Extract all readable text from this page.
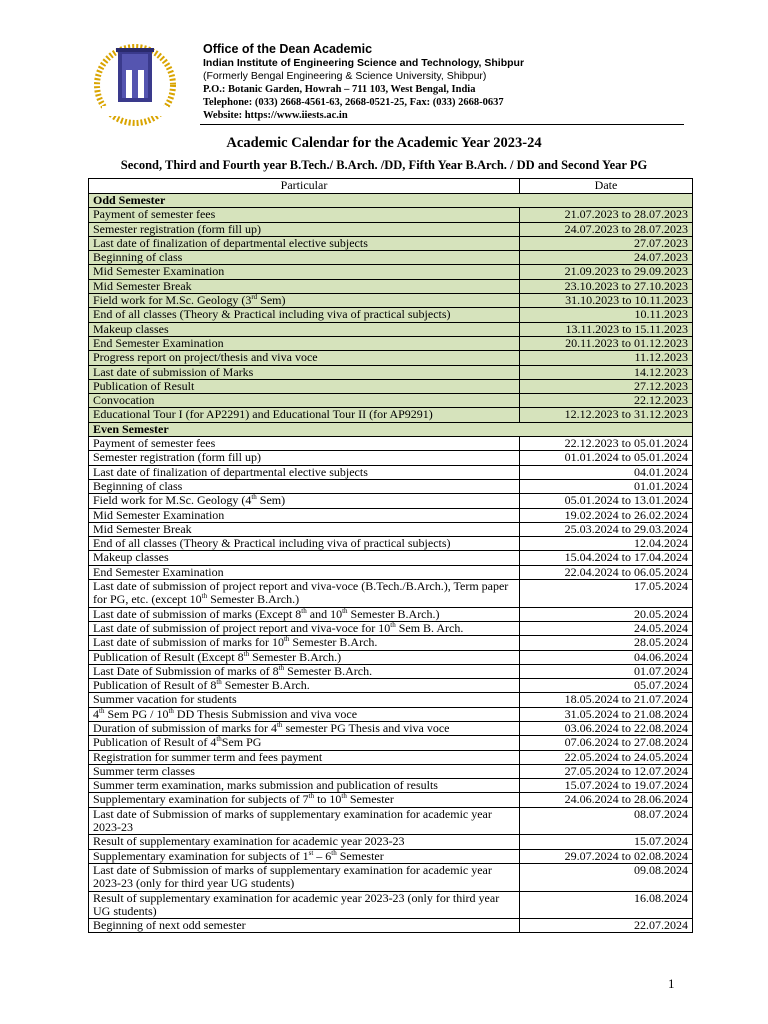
Office of the Dean Academic
Indian Institute of Engineering Science and Technology, Shibpur
(Formerly Bengal Engineering & Science University, Shibpur)
P.O.: Botanic Garden, Howrah – 711 103, West Bengal, India
Telephone: (033) 2668-4561-63, 2668-0521-25, Fax: (033) 2668-0637
Website: https://www.iiests.ac.in
Academic Calendar for the Academic Year 2023-24
Second, Third and Fourth year B.Tech./ B.Arch. /DD, Fifth Year B.Arch. / DD and Second Year PG
Particular	Date
Odd Semester	
Payment of semester fees	21.07.2023 to 28.07.2023
Semester registration (form fill up)	24.07.2023 to 28.07.2023
Last date of finalization of departmental elective subjects	27.07.2023
Beginning of class	24.07.2023
Mid Semester Examination	21.09.2023 to 29.09.2023
Mid Semester Break	23.10.2023 to 27.10.2023
Field work for M.Sc. Geology (3rd Sem)	31.10.2023 to 10.11.2023
End of all classes (Theory & Practical including viva of practical subjects)	10.11.2023
Makeup classes	13.11.2023 to 15.11.2023
End Semester Examination	20.11.2023 to 01.12.2023
Progress report on project/thesis and viva voce	11.12.2023
Last date of submission of Marks	14.12.2023
Publication of Result	27.12.2023
Convocation	22.12.2023
Educational Tour I (for AP2291) and Educational Tour II (for AP9291)	12.12.2023 to 31.12.2023
Even Semester	
Payment of semester fees	22.12.2023 to 05.01.2024
Semester registration (form fill up)	01.01.2024 to 05.01.2024
Last date of finalization of departmental elective subjects	04.01.2024
Beginning of class	01.01.2024
Field work for M.Sc. Geology (4th Sem)	05.01.2024 to 13.01.2024
Mid Semester Examination	19.02.2024 to 26.02.2024
Mid Semester Break	25.03.2024 to 29.03.2024
End of all classes (Theory & Practical including viva of practical subjects)	12.04.2024
Makeup classes	15.04.2024 to 17.04.2024
End Semester Examination	22.04.2024 to 06.05.2024
Last date of submission of project report and viva-voce (B.Tech./B.Arch.), Term paper for PG, etc. (except 10th Semester B.Arch.)	17.05.2024
Last date of submission of marks (Except 8th and 10th Semester B.Arch.)	20.05.2024
Last date of submission of project report and viva-voce for 10th Sem B. Arch.	24.05.2024
Last date of submission of marks for 10th Semester B.Arch.	28.05.2024
Publication of Result (Except 8th Semester B.Arch.)	04.06.2024
Last Date of Submission of marks of 8th Semester B.Arch.	01.07.2024
Publication of Result of 8th Semester B.Arch.	05.07.2024
Summer vacation for students	18.05.2024 to 21.07.2024
4th Sem PG / 10th DD Thesis Submission and viva voce	31.05.2024 to 21.08.2024
Duration of submission of marks for 4th semester PG Thesis and viva voce	03.06.2024 to 22.08.2024
Publication of Result of 4thSem PG	07.06.2024 to 27.08.2024
Registration for summer term and fees payment	22.05.2024 to 24.05.2024
Summer term classes	27.05.2024 to 12.07.2024
Summer term examination, marks submission and publication of results	15.07.2024 to 19.07.2024
Supplementary examination for subjects of 7th to 10th Semester	24.06.2024 to 28.06.2024
Last date of Submission of marks of supplementary examination for academic year 2023-23	08.07.2024
Result of supplementary examination for academic year 2023-23	15.07.2024
Supplementary examination for subjects of 1st – 6th Semester	29.07.2024 to 02.08.2024
Last date of Submission of marks of supplementary examination for academic year 2023-23 (only for third year UG students)	09.08.2024
Result of supplementary examination for academic year 2023-23 (only for third year UG students)	16.08.2024
Beginning of next odd semester	22.07.2024
1
